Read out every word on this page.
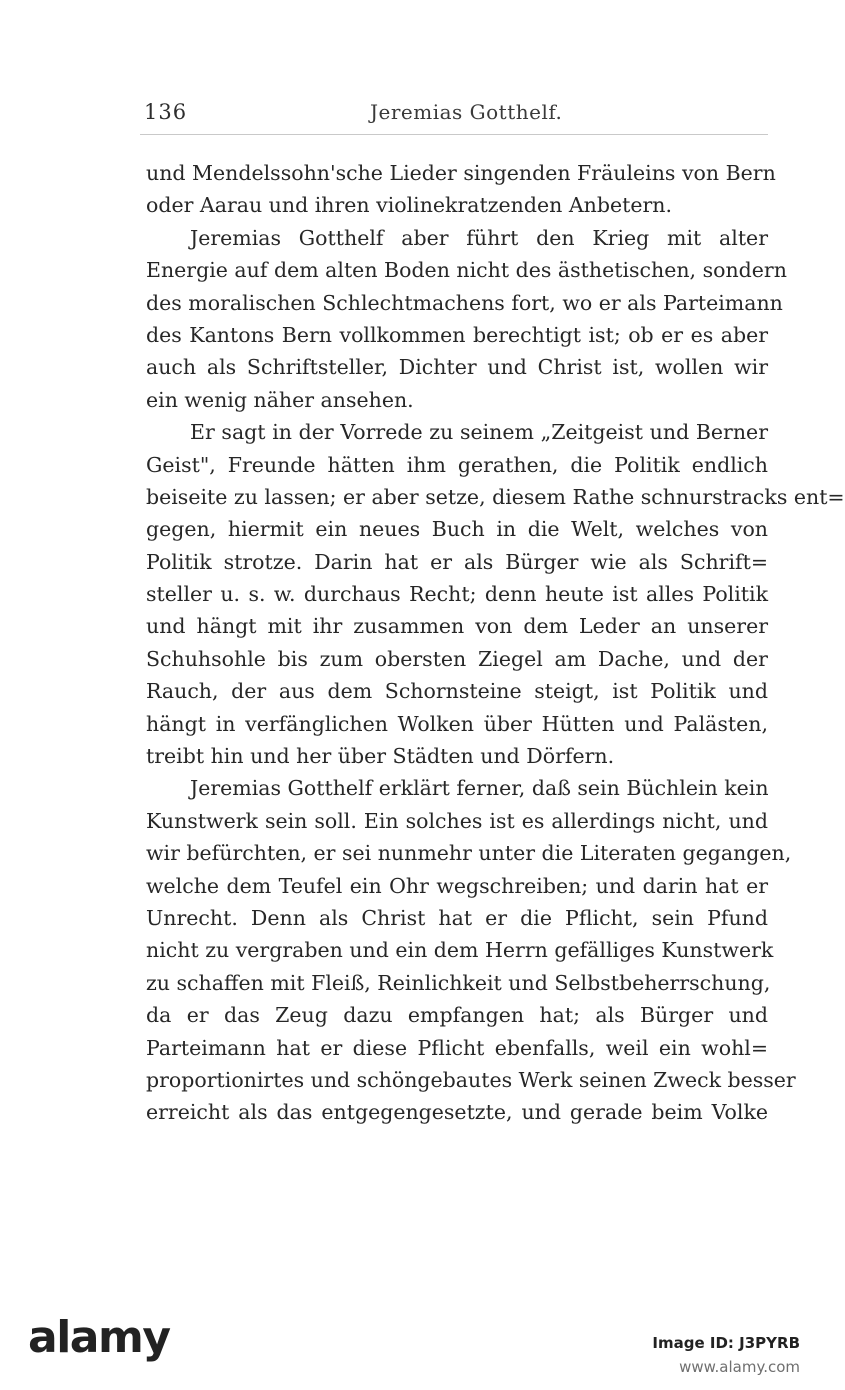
136	Jeremias Gotthelf.
und Mendelssohn'sche Lieder singenden Fräuleins von Bern
oder Aarau und ihren violinekratzenden Anbetern.
Jeremias Gotthelf aber führt den Krieg mit alter
Energie auf dem alten Boden nicht des ästhetischen, sondern
des moralischen Schlechtmachens fort, wo er als Parteimann
des Kantons Bern vollkommen berechtigt ist; ob er es aber
auch als Schriftsteller, Dichter und Christ ist, wollen wir
ein wenig näher ansehen.
Er sagt in der Vorrede zu seinem „Zeitgeist und Berner
Geist", Freunde hätten ihm gerathen, die Politik endlich
beiseite zu lassen; er aber setze, diesem Rathe schnurstracks ent=
gegen, hiermit ein neues Buch in die Welt, welches von
Politik strotze. Darin hat er als Bürger wie als Schrift=
steller u. s. w. durchaus Recht; denn heute ist alles Politik
und hängt mit ihr zusammen von dem Leder an unserer
Schuhsohle bis zum obersten Ziegel am Dache, und der
Rauch, der aus dem Schornsteine steigt, ist Politik und
hängt in verfänglichen Wolken über Hütten und Palästen,
treibt hin und her über Städten und Dörfern.
Jeremias Gotthelf erklärt ferner, daß sein Büchlein kein
Kunstwerk sein soll. Ein solches ist es allerdings nicht, und
wir befürchten, er sei nunmehr unter die Literaten gegangen,
welche dem Teufel ein Ohr wegschreiben; und darin hat er
Unrecht. Denn als Christ hat er die Pflicht, sein Pfund
nicht zu vergraben und ein dem Herrn gefälliges Kunstwerk
zu schaffen mit Fleiß, Reinlichkeit und Selbstbeherrschung,
da er das Zeug dazu empfangen hat; als Bürger und
Parteimann hat er diese Pflicht ebenfalls, weil ein wohl=
proportionirtes und schöngebautes Werk seinen Zweck besser
erreicht als das entgegengesetzte, und gerade beim Volke
alamy	Image ID: J3PYRB
www.alamy.com
